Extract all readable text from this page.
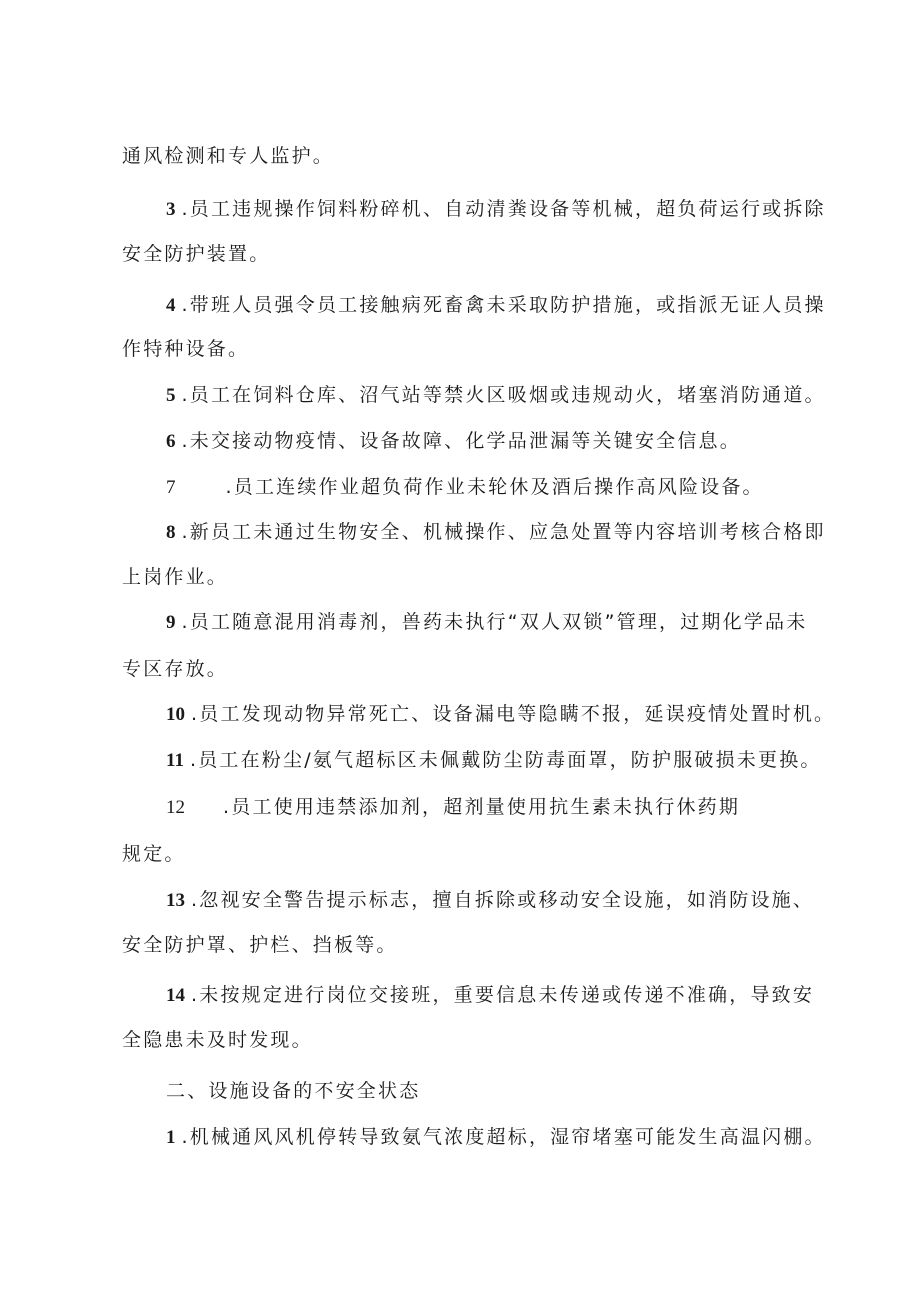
通风检测和专人监护。
3 .员工违规操作饲料粉碎机、自动清粪设备等机械，超负荷运行或拆除
安全防护装置。
4 .带班人员强令员工接触病死畜禽未采取防护措施，或指派无证人员操
作特种设备。
5 .员工在饲料仓库、沼气站等禁火区吸烟或违规动火，堵塞消防通道。
6 .未交接动物疫情、设备故障、化学品泄漏等关键安全信息。
7	.员工连续作业超负荷作业未轮休及酒后操作高风险设备。
8 .新员工未通过生物安全、机械操作、应急处置等内容培训考核合格即
上岗作业。
9 .员工随意混用消毒剂，兽药未执行“双人双锁”管理，过期化学品未
专区存放。
10 .员工发现动物异常死亡、设备漏电等隐瞒不报，延误疫情处置时机。
11 .员工在粉尘/氨气超标区未佩戴防尘防毒面罩，防护服破损未更换。
12 .员工使用违禁添加剂，超剂量使用抗生素未执行休药期
规定。
13 .忽视安全警告提示标志，擅自拆除或移动安全设施，如消防设施、
安全防护罩、护栏、挡板等。
14 .未按规定进行岗位交接班，重要信息未传递或传递不准确，导致安
全隐患未及时发现。
二、设施设备的不安全状态
1 .机械通风风机停转导致氨气浓度超标，湿帘堵塞可能发生高温闪棚。
